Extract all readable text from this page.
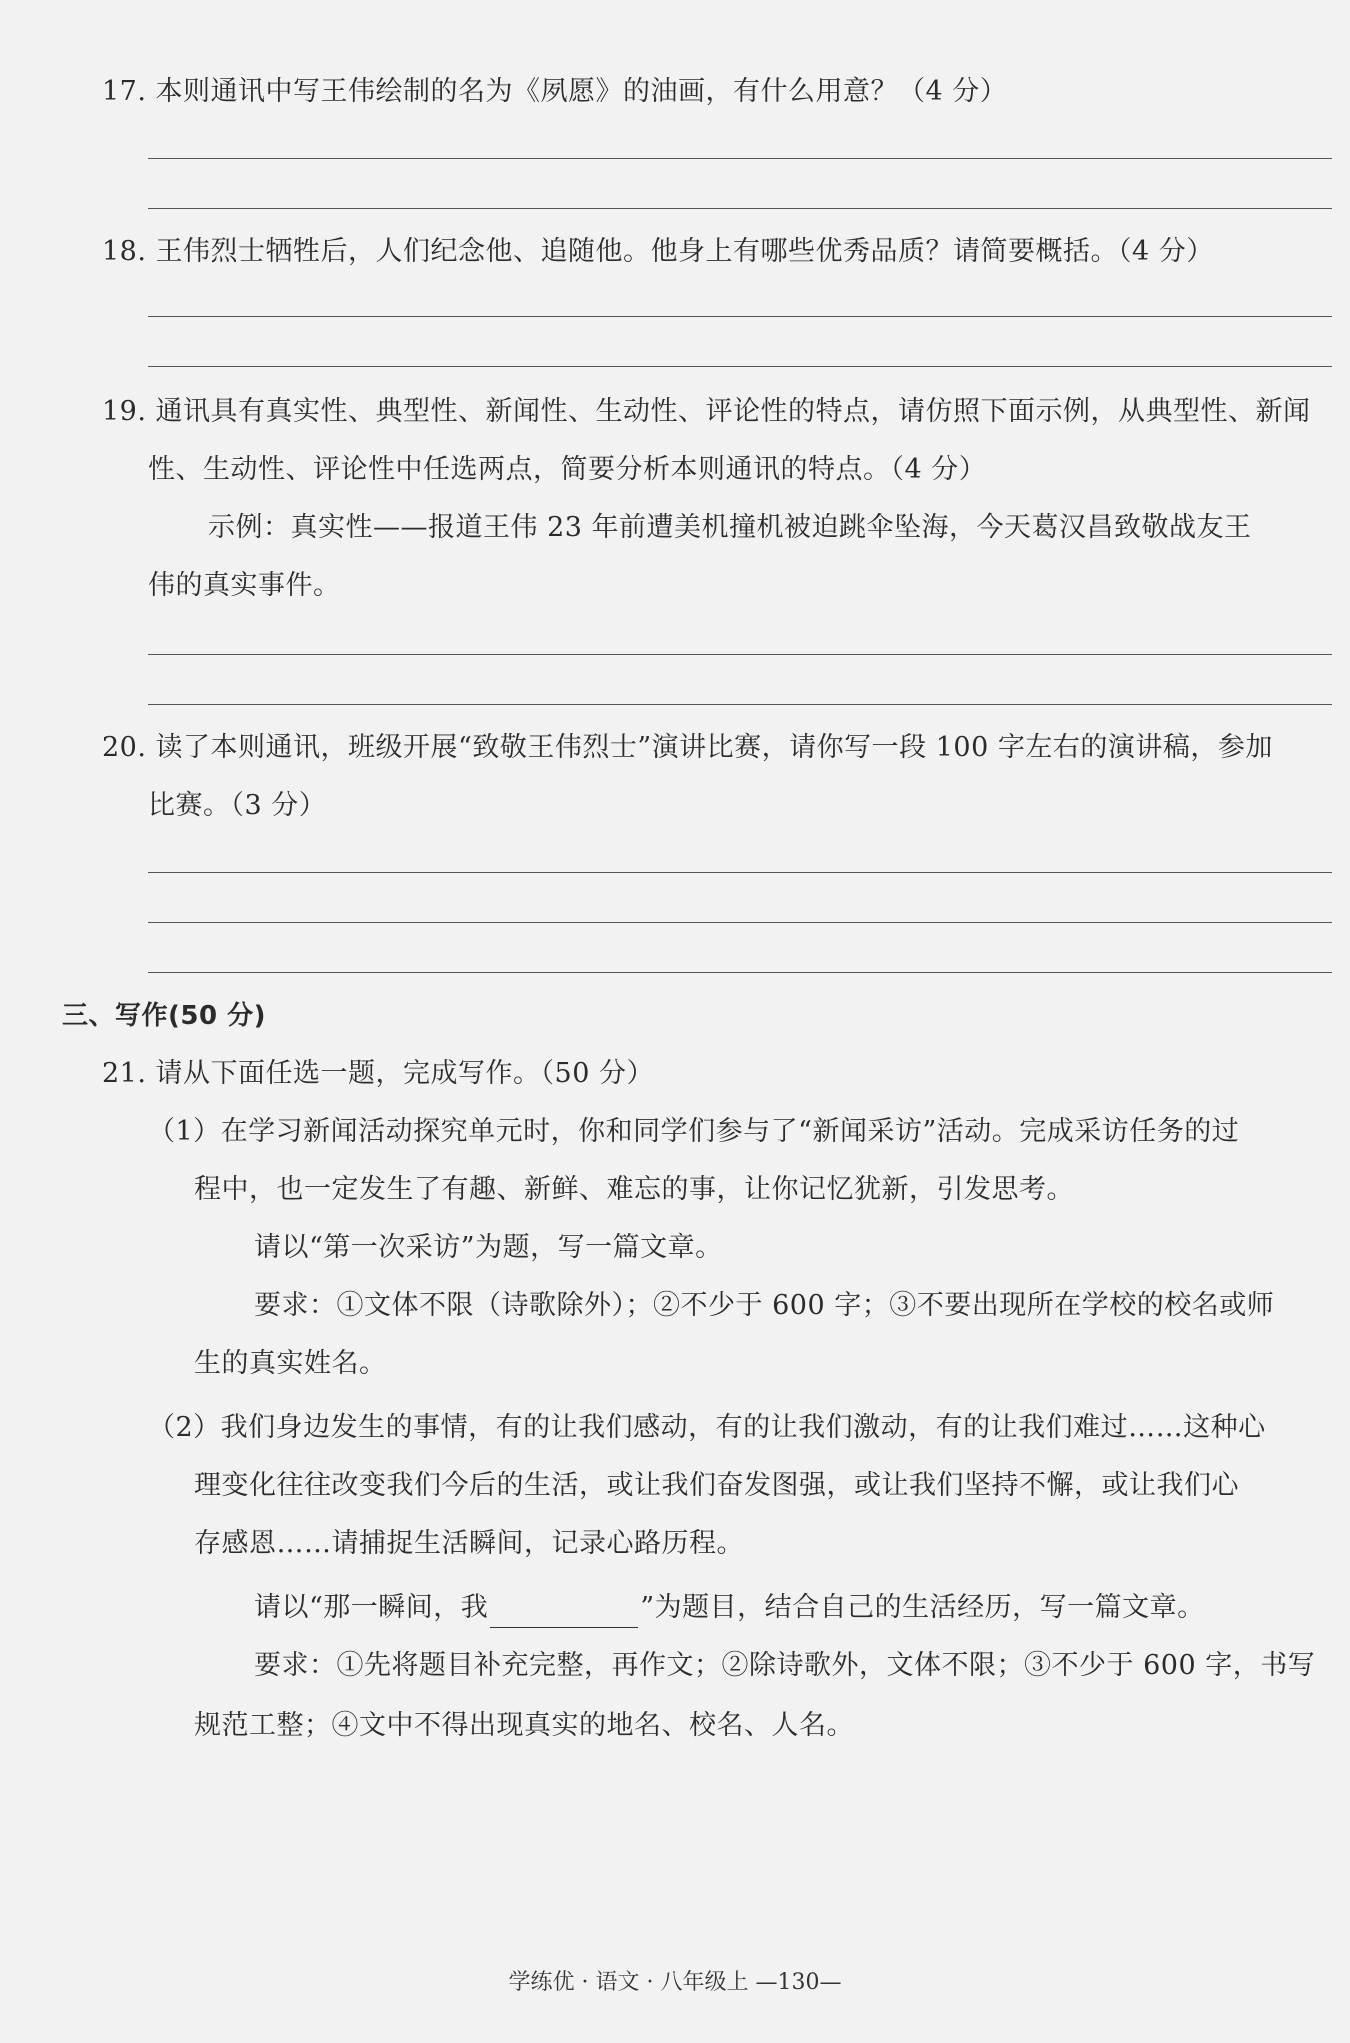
17. 本则通讯中写王伟绘制的名为《夙愿》的油画，有什么用意？（4 分）
18. 王伟烈士牺牲后，人们纪念他、追随他。他身上有哪些优秀品质？请简要概括。（4 分）
19. 通讯具有真实性、典型性、新闻性、生动性、评论性的特点，请仿照下面示例，从典型性、新闻
性、生动性、评论性中任选两点，简要分析本则通讯的特点。（4 分）
示例：真实性——报道王伟 23 年前遭美机撞机被迫跳伞坠海，今天葛汉昌致敬战友王
伟的真实事件。
20. 读了本则通讯，班级开展“致敬王伟烈士”演讲比赛，请你写一段 100 字左右的演讲稿，参加
比赛。（3 分）
三、写作(50 分)
21. 请从下面任选一题，完成写作。（50 分）
（1）在学习新闻活动探究单元时，你和同学们参与了“新闻采访”活动。完成采访任务的过
程中，也一定发生了有趣、新鲜、难忘的事，让你记忆犹新，引发思考。
请以“第一次采访”为题，写一篇文章。
要求：①文体不限（诗歌除外）；②不少于 600 字；③不要出现所在学校的校名或师
生的真实姓名。
（2）我们身边发生的事情，有的让我们感动，有的让我们激动，有的让我们难过……这种心
理变化往往改变我们今后的生活，或让我们奋发图强，或让我们坚持不懈，或让我们心
存感恩……请捕捉生活瞬间，记录心路历程。
请以“那一瞬间，我	”为题目，结合自己的生活经历，写一篇文章。
要求：①先将题目补充完整，再作文；②除诗歌外，文体不限；③不少于 600 字，书写
规范工整；④文中不得出现真实的地名、校名、人名。
学练优 · 语文 · 八年级上 —130—
